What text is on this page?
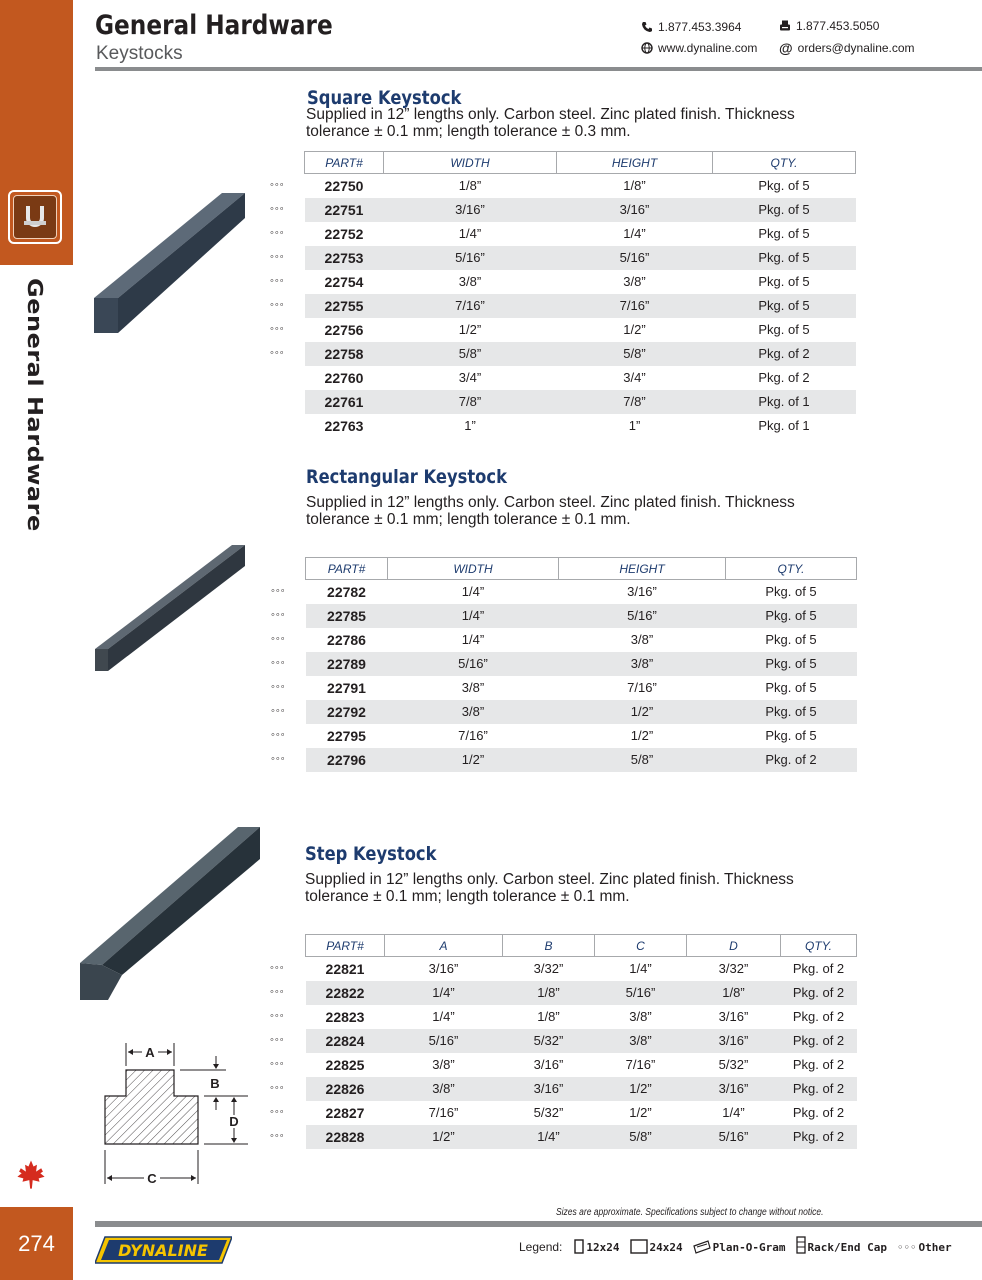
General Hardware
274
General Hardware
Keystocks
1.877.453.3964	1.877.453.5050
www.dynaline.com @ orders@dynaline.com
A
B
C
D
Square Keystock
Supplied in 12” lengths only. Carbon steel. Zinc plated finish. Thickness tolerance ± 0.1 mm; length tolerance ± 0.3 mm.
PART#	WIDTH	HEIGHT	QTY.
22750	1/8”	1/8”	Pkg. of 5
22751	3/16”	3/16”	Pkg. of 5
22752	1/4”	1/4”	Pkg. of 5
22753	5/16”	5/16”	Pkg. of 5
22754	3/8”	3/8”	Pkg. of 5
22755	7/16”	7/16”	Pkg. of 5
22756	1/2”	1/2”	Pkg. of 5
22758	5/8”	5/8”	Pkg. of 2
22760	3/4”	3/4”	Pkg. of 2
22761	7/8”	7/8”	Pkg. of 1
22763	1”	1”	Pkg. of 1
Rectangular Keystock
Supplied in 12” lengths only. Carbon steel. Zinc plated finish. Thickness tolerance ± 0.1 mm; length tolerance ± 0.1 mm.
PART#	WIDTH	HEIGHT	QTY.
22782	1/4”	3/16”	Pkg. of 5
22785	1/4”	5/16”	Pkg. of 5
22786	1/4”	3/8”	Pkg. of 5
22789	5/16”	3/8”	Pkg. of 5
22791	3/8”	7/16”	Pkg. of 5
22792	3/8”	1/2”	Pkg. of 5
22795	7/16”	1/2”	Pkg. of 5
22796	1/2”	5/8”	Pkg. of 2
Step Keystock
Supplied in 12” lengths only. Carbon steel. Zinc plated finish. Thickness tolerance ± 0.1 mm; length tolerance ± 0.1 mm.
PART#	A	B	C	D	QTY.
22821	3/16”	3/32”	1/4”	3/32”	Pkg. of 2
22822	1/4”	1/8”	5/16”	1/8”	Pkg. of 2
22823	1/4”	1/8”	3/8”	3/16”	Pkg. of 2
22824	5/16”	5/32”	3/8”	3/16”	Pkg. of 2
22825	3/8”	3/16”	7/16”	5/32”	Pkg. of 2
22826	3/8”	3/16”	1/2”	3/16”	Pkg. of 2
22827	7/16”	5/32”	1/2”	1/4”	Pkg. of 2
22828	1/2”	1/4”	5/8”	5/16”	Pkg. of 2
Sizes are approximate. Specifications subject to change without notice.
DYNALINE	Legend: 12x24	24x24	Plan-O-Gram Rack/End Cap ◦◦◦ Other
◦◦◦
◦◦◦
◦◦◦
◦◦◦
◦◦◦
◦◦◦
◦◦◦
◦◦◦
◦◦◦
◦◦◦
◦◦◦
◦◦◦
◦◦◦
◦◦◦
◦◦◦
◦◦◦
◦◦◦
◦◦◦
◦◦◦
◦◦◦
◦◦◦
◦◦◦
◦◦◦
◦◦◦
